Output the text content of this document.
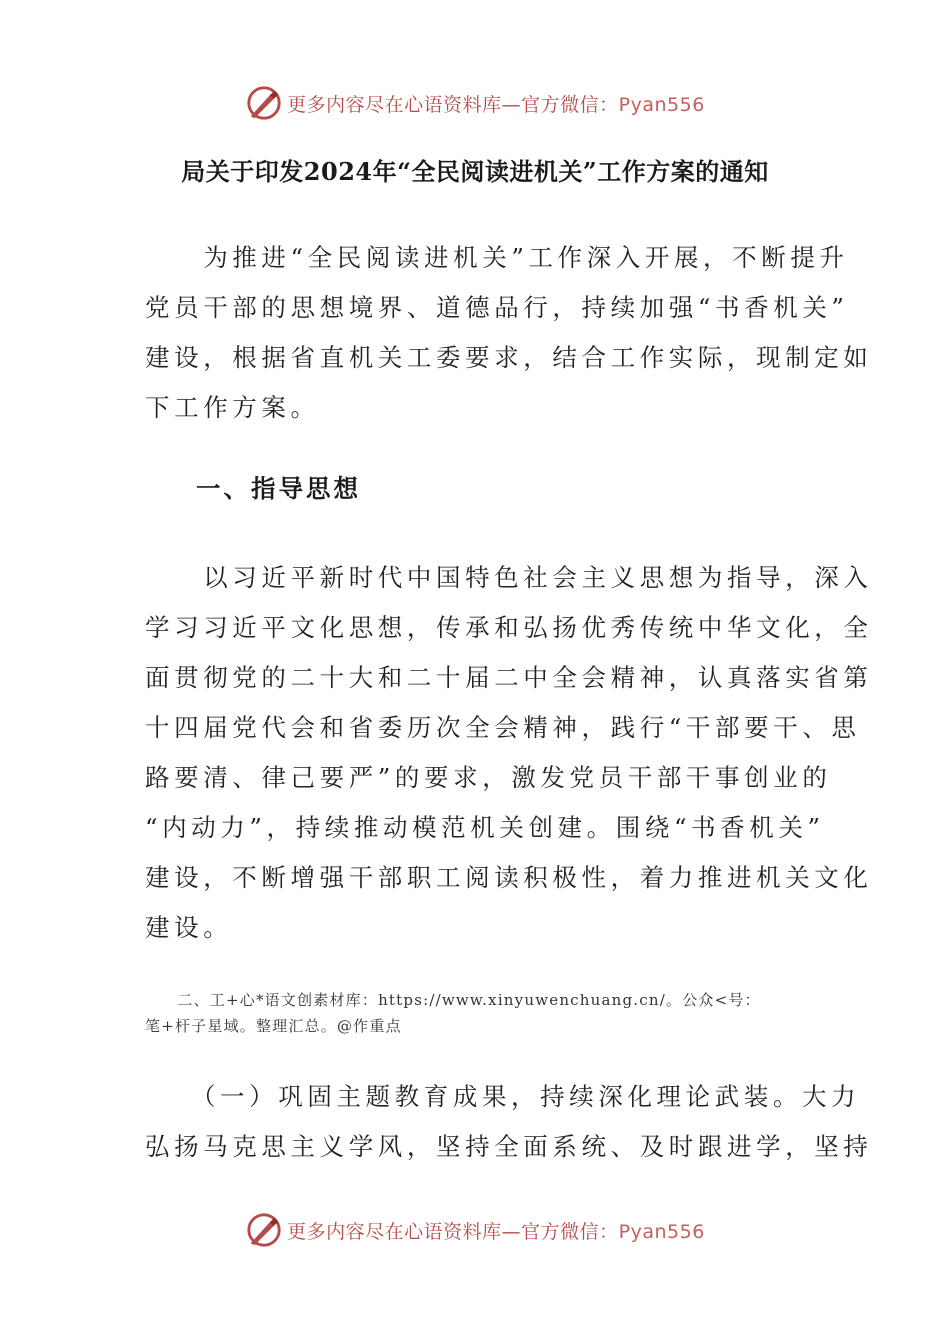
更多内容尽在心语资料库—官方微信：Pyan556
局关于印发2024年“全民阅读进机关”工作方案的通知
　　为推进“全民阅读进机关”工作深入开展，不断提升
党员干部的思想境界、道德品行，持续加强“书香机关”
建设，根据省直机关工委要求，结合工作实际，现制定如
下工作方案。
一、指导思想
　　以习近平新时代中国特色社会主义思想为指导，深入
学习习近平文化思想，传承和弘扬优秀传统中华文化，全
面贯彻党的二十大和二十届二中全会精神，认真落实省第
十四届党代会和省委历次全会精神，践行“干部要干、思
路要清、律己要严”的要求，激发党员干部干事创业的
“内动力”，持续推动模范机关创建。围绕“书香机关”
建设，不断增强干部职工阅读积极性，着力推进机关文化
建设。
　　二、工+心*语文创素材库：https://www.xinyuwenchuang.cn/。公众<号：
笔+杆子星域。整理汇总。@作重点
　　（一）巩固主题教育成果，持续深化理论武装。大力
弘扬马克思主义学风，坚持全面系统、及时跟进学，坚持
更多内容尽在心语资料库—官方微信：Pyan556
